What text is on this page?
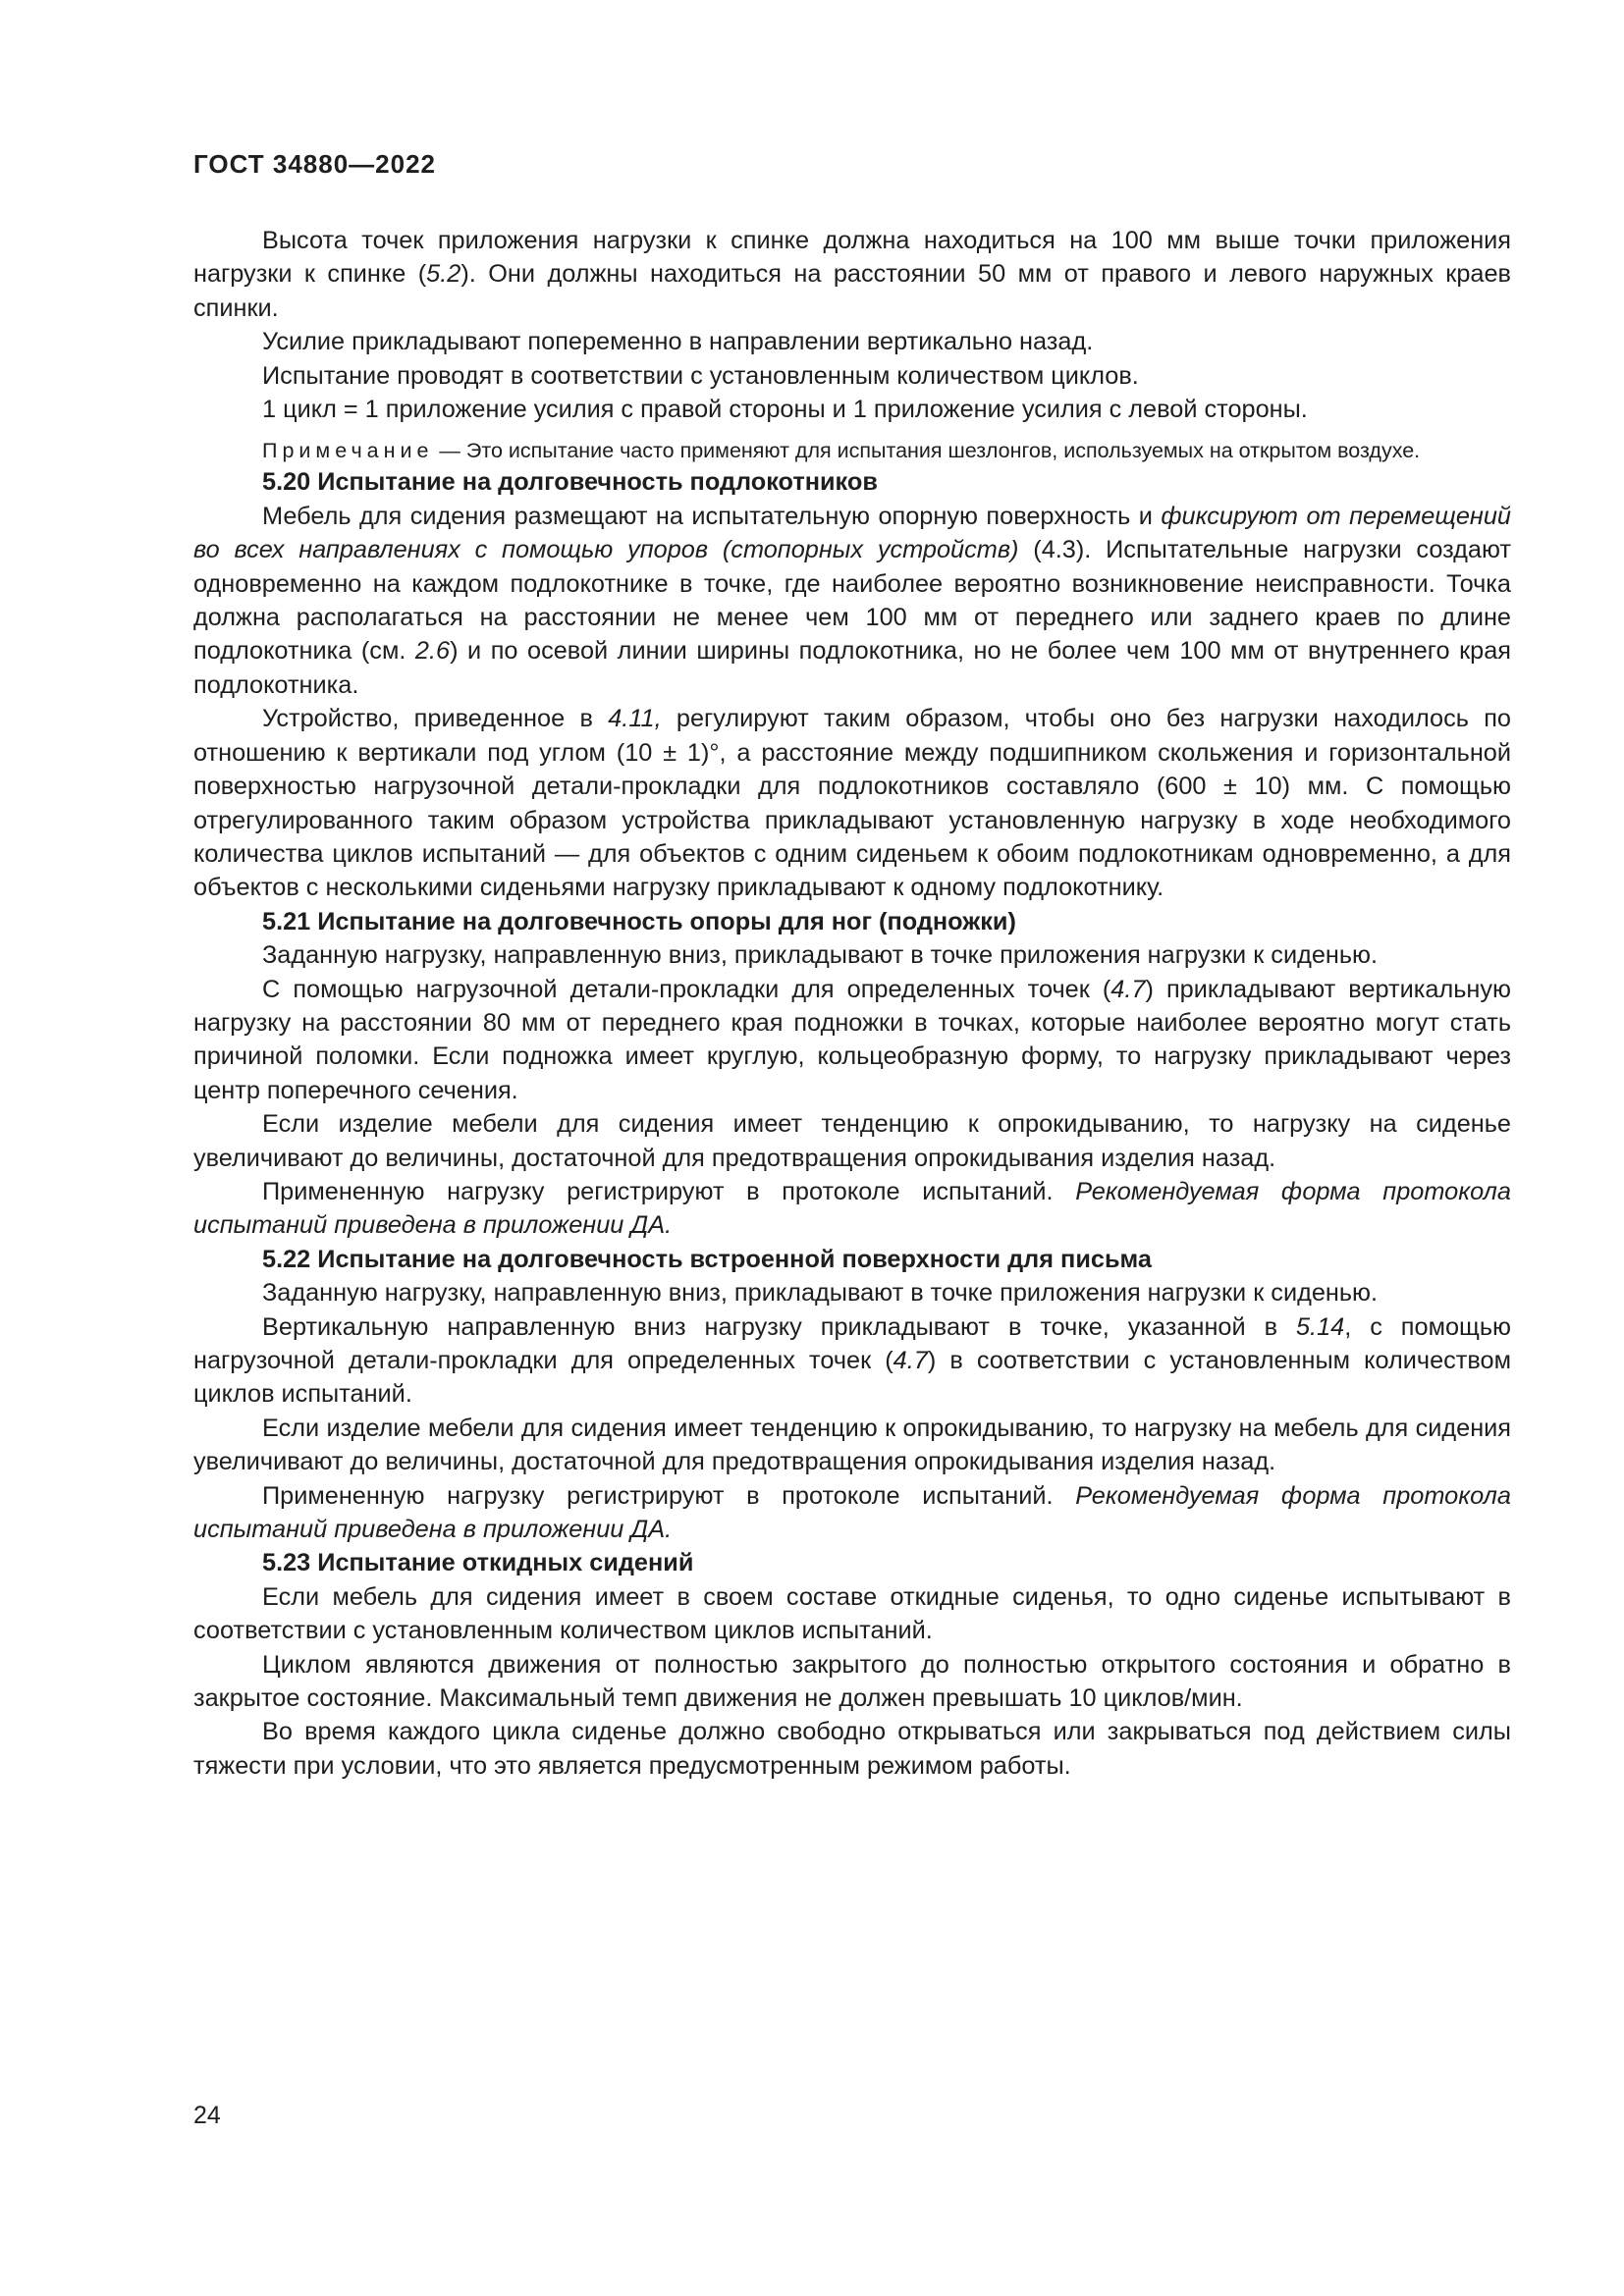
ГОСТ 34880—2022

Высота точек приложения нагрузки к спинке должна находиться на 100 мм выше точки приложения нагрузки к спинке (5.2). Они должны находиться на расстоянии 50 мм от правого и левого наружных краев спинки.

Усилие прикладывают попеременно в направлении вертикально назад.

Испытание проводят в соответствии с установленным количеством циклов.

1 цикл = 1 приложение усилия с правой стороны и 1 приложение усилия с левой стороны.

Примечание — Это испытание часто применяют для испытания шезлонгов, используемых на открытом воздухе.

5.20 Испытание на долговечность подлокотников

Мебель для сидения размещают на испытательную опорную поверхность и фиксируют от перемещений во всех направлениях с помощью упоров (стопорных устройств) (4.3). Испытательные нагрузки создают одновременно на каждом подлокотнике в точке, где наиболее вероятно возникновение неисправности. Точка должна располагаться на расстоянии не менее чем 100 мм от переднего или заднего краев по длине подлокотника (см. 2.6) и по осевой линии ширины подлокотника, но не более чем 100 мм от внутреннего края подлокотника.

Устройство, приведенное в 4.11, регулируют таким образом, чтобы оно без нагрузки находилось по отношению к вертикали под углом (10 ± 1)°, а расстояние между подшипником скольжения и горизонтальной поверхностью нагрузочной детали-прокладки для подлокотников составляло (600 ± 10) мм. С помощью отрегулированного таким образом устройства прикладывают установленную нагрузку в ходе необходимого количества циклов испытаний — для объектов с одним сиденьем к обоим подлокотникам одновременно, а для объектов с несколькими сиденьями нагрузку прикладывают к одному подлокотнику.

5.21 Испытание на долговечность опоры для ног (подножки)

Заданную нагрузку, направленную вниз, прикладывают в точке приложения нагрузки к сиденью.

С помощью нагрузочной детали-прокладки для определенных точек (4.7) прикладывают вертикальную нагрузку на расстоянии 80 мм от переднего края подножки в точках, которые наиболее вероятно могут стать причиной поломки. Если подножка имеет круглую, кольцеобразную форму, то нагрузку прикладывают через центр поперечного сечения.

Если изделие мебели для сидения имеет тенденцию к опрокидыванию, то нагрузку на сиденье увеличивают до величины, достаточной для предотвращения опрокидывания изделия назад.

Примененную нагрузку регистрируют в протоколе испытаний. Рекомендуемая форма протокола испытаний приведена в приложении ДА.

5.22 Испытание на долговечность встроенной поверхности для письма

Заданную нагрузку, направленную вниз, прикладывают в точке приложения нагрузки к сиденью.

Вертикальную направленную вниз нагрузку прикладывают в точке, указанной в 5.14, с помощью нагрузочной детали-прокладки для определенных точек (4.7) в соответствии с установленным количеством циклов испытаний.

Если изделие мебели для сидения имеет тенденцию к опрокидыванию, то нагрузку на мебель для сидения увеличивают до величины, достаточной для предотвращения опрокидывания изделия назад.

Примененную нагрузку регистрируют в протоколе испытаний. Рекомендуемая форма протокола испытаний приведена в приложении ДА.

5.23 Испытание откидных сидений

Если мебель для сидения имеет в своем составе откидные сиденья, то одно сиденье испытывают в соответствии с установленным количеством циклов испытаний.

Циклом являются движения от полностью закрытого до полностью открытого состояния и обратно в закрытое состояние. Максимальный темп движения не должен превышать 10 циклов/мин.

Во время каждого цикла сиденье должно свободно открываться или закрываться под действием силы тяжести при условии, что это является предусмотренным режимом работы.

24
